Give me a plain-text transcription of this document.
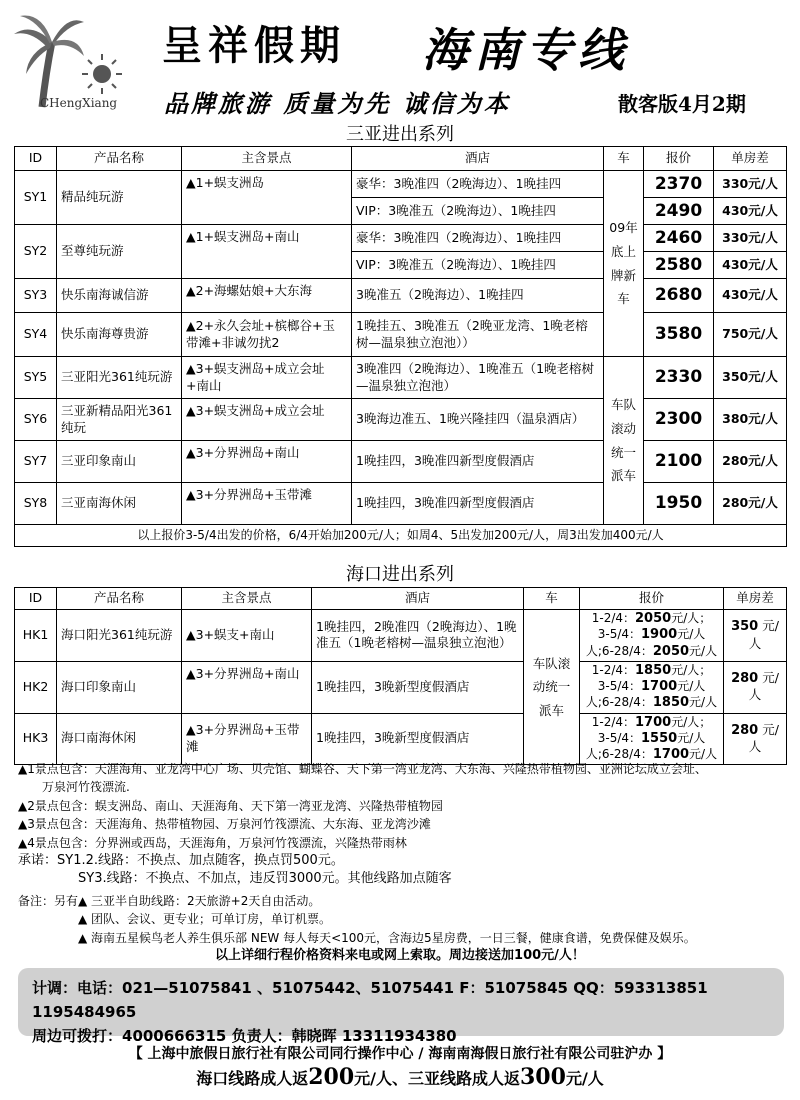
CHengXiang
呈祥假期 海南专线
品牌旅游 质量为先 诚信为本	散客版4月2期
三亚进出系列
ID	产品名称	主含景点	酒店	车	报价	单房差
SY1	精品纯玩游	▲1+蜈支洲岛	豪华：3晚准四（2晚海边）、1晚挂四	09年底上牌新车	2370	330元/人
			VIP：3晚准五（2晚海边）、1晚挂四		2490	430元/人
SY2	至尊纯玩游	▲1+蜈支洲岛+南山	豪华：3晚准四（2晚海边）、1晚挂四		2460	330元/人
			VIP：3晚准五（2晚海边）、1晚挂四		2580	430元/人
SY3	快乐南海诚信游	▲2+海螺姑娘+大东海	3晚准五（2晚海边）、1晚挂四		2680	430元/人
SY4	快乐南海尊贵游	▲2+永久会址+槟榔谷+玉带滩+非诚勿扰2	1晚挂五、3晚准五（2晚亚龙湾、1晚老榕树—温泉独立泡池））		3580	750元/人
SY5	三亚阳光361纯玩游	▲3+蜈支洲岛+成立会址+南山	3晚准四（2晚海边）、1晚准五（1晚老榕树—温泉独立泡池）	车队滚动统一派车	2330	350元/人
SY6	三亚新精品阳光361纯玩	▲3+蜈支洲岛+成立会址	3晚海边准五、1晚兴隆挂四（温泉酒店）		2300	380元/人
SY7	三亚印象南山	▲3+分界洲岛+南山	1晚挂四，3晚准四新型度假酒店		2100	280元/人
SY8	三亚南海休闲	▲3+分界洲岛+玉带滩	1晚挂四，3晚准四新型度假酒店		1950	280元/人
以上报价3-5/4出发的价格，6/4开始加200元/人；如周4、5出发加200元/人，周3出发加400元/人						
海口进出系列
ID	产品名称	主含景点	酒店	车	报价	单房差
HK1	海口阳光361纯玩游	▲3+蜈支+南山	1晚挂四，2晚准四（2晚海边）、1晚准五（1晚老榕树—温泉独立泡池）	车队滚动统一派车	1-2/4：2050元/人；
3-5/4：1900元/人
人;6-28/4：2050元/人	350 元/人
HK2	海口印象南山	▲3+分界洲岛+南山	1晚挂四，3晚新型度假酒店		1-2/4：1850元/人；
3-5/4：1700元/人
人;6-28/4：1850元/人	280 元/人
HK3	海口南海休闲	▲3+分界洲岛+玉带滩	1晚挂四，3晚新型度假酒店		1-2/4：1700元/人；
3-5/4：1550元/人
人;6-28/4：1700元/人	280 元/人
▲1景点包含：天涯海角、亚龙湾中心广场、贝壳馆、蝴蝶谷、天下第一湾亚龙湾、大东海、兴隆热带植物园、亚洲论坛成立会址、
万泉河竹筏漂流.
▲2景点包含：蜈支洲岛、南山、天涯海角、天下第一湾亚龙湾、兴隆热带植物园
▲3景点包含：天涯海角、热带植物园、万泉河竹筏漂流、大东海、亚龙湾沙滩
▲4景点包含：分界洲或西岛，天涯海角，万泉河竹筏漂流，兴隆热带雨林
承诺：SY1.2.线路：不换点、加点随客，换点罚500元。
SY3.线路：不换点、不加点，违反罚3000元。其他线路加点随客
备注：另有▲ 三亚半自助线路：2天旅游+2天自由活动。
▲ 团队、会议、更专业；可单订房，单订机票。
▲ 海南五星候鸟老人养生俱乐部 NEW 每人每天<100元，含海边5星房费，一日三餐，健康食谱，免费保健及娱乐。
以上详细行程价格资料来电或网上索取。周边接送加100元/人！
计调：电话：021—51075841 、51075442、51075441 F：51075845 QQ：593313851 1195484965
周边可拨打：4000666315 负责人：韩晓晖 13311934380
【 上海中旅假日旅行社有限公司同行操作中心 / 海南南海假日旅行社有限公司驻沪办 】
海口线路成人返200元/人、三亚线路成人返300元/人
